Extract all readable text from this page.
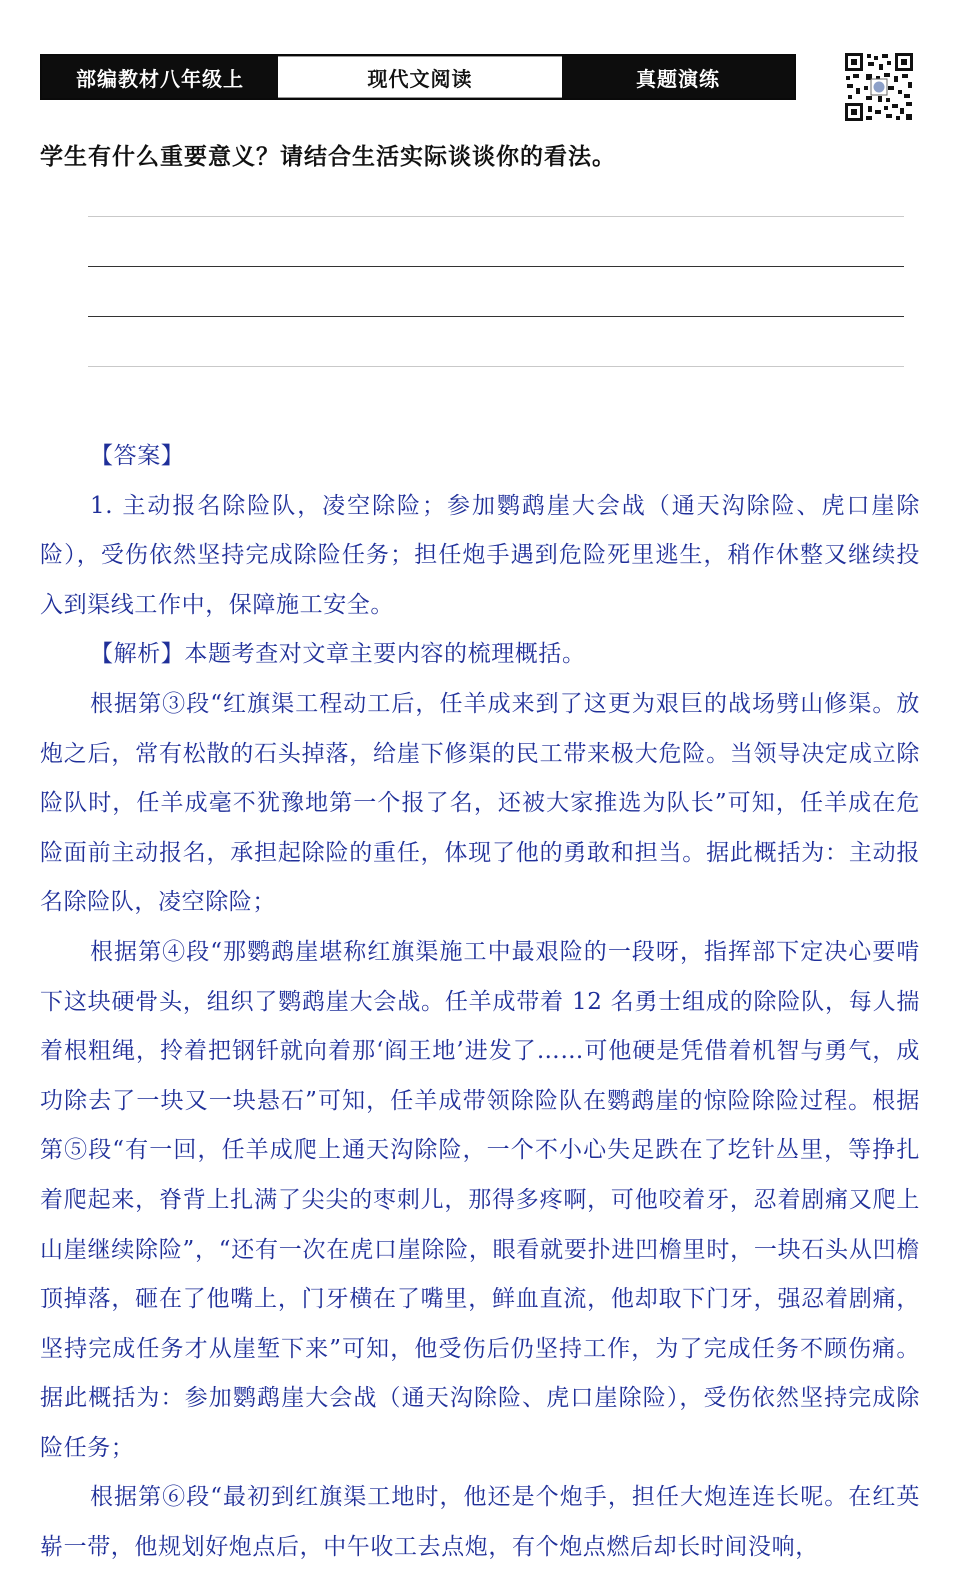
部编教材八年级上	现代文阅读	真题演练
学生有什么重要意义？请结合生活实际谈谈你的看法。

【答案】

1. 主动报名除险队，凌空除险；参加鹦鹉崖大会战（通天沟除险、虎口崖除险），受伤依然坚持完成除险任务；担任炮手遇到危险死里逃生，稍作休整又继续投入到渠线工作中，保障施工安全。

【解析】本题考查对文章主要内容的梳理概括。

根据第③段“红旗渠工程动工后，任羊成来到了这更为艰巨的战场劈山修渠。放炮之后，常有松散的石头掉落，给崖下修渠的民工带来极大危险。当领导决定成立除险队时，任羊成毫不犹豫地第一个报了名，还被大家推选为队长”可知，任羊成在危险面前主动报名，承担起除险的重任，体现了他的勇敢和担当。据此概括为：主动报名除险队，凌空除险；

根据第④段“那鹦鹉崖堪称红旗渠施工中最艰险的一段呀，指挥部下定决心要啃下这块硬骨头，组织了鹦鹉崖大会战。任羊成带着 12 名勇士组成的除险队，每人揣着根粗绳，拎着把钢钎就向着那‘阎王地’进发了……可他硬是凭借着机智与勇气，成功除去了一块又一块悬石”可知，任羊成带领除险队在鹦鹉崖的惊险除险过程。根据第⑤段“有一回，任羊成爬上通天沟除险，一个不小心失足跌在了圪针丛里，等挣扎着爬起来，脊背上扎满了尖尖的枣刺儿，那得多疼啊，可他咬着牙，忍着剧痛又爬上山崖继续除险”，“还有一次在虎口崖除险，眼看就要扑进凹檐里时，一块石头从凹檐顶掉落，砸在了他嘴上，门牙横在了嘴里，鲜血直流，他却取下门牙，强忍着剧痛，坚持完成任务才从崖堑下来”可知，他受伤后仍坚持工作，为了完成任务不顾伤痛。据此概括为：参加鹦鹉崖大会战（通天沟除险、虎口崖除险），受伤依然坚持完成除险任务；

根据第⑥段“最初到红旗渠工地时，他还是个炮手，担任大炮连连长呢。在红英崭一带，他规划好炮点后，中午收工去点炮，有个炮点燃后却长时间没响，
